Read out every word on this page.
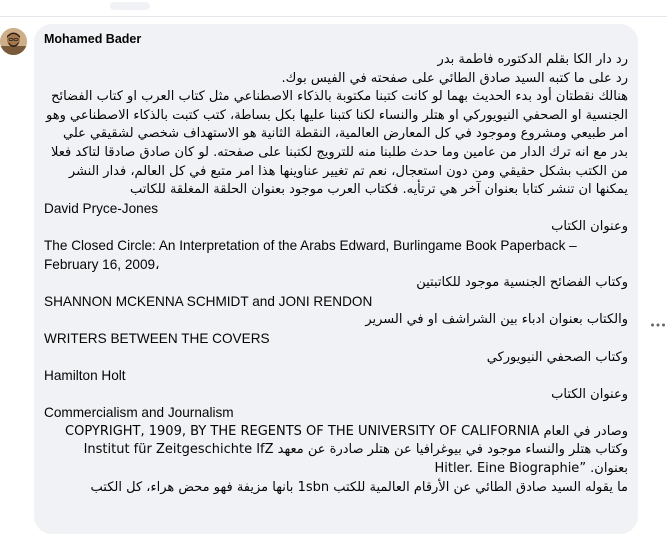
Mohamed Bader
رد دار الكا بقلم الدكتوره فاطمة بدر
رد على ما كتبه السيد صادق الطائي على صفحته في الفيس بوك.
هنالك نقطتان أود بدء الحديث بهما لو كانت كتبنا مكتوبة بالذكاء الاصطناعي مثل كتاب العرب او كتاب الفضائح الجنسية او الصحفي النيويوركي او هتلر والنساء لكنا كتبنا عليها بكل بساطة، كتب كتبت بالذكاء الاصطناعي وهو امر طبيعي ومشروع وموجود في كل المعارض العالمية، النقطة الثانية هو الاستهداف شخصي لشقيقي علي بدر مع انه ترك الدار من عامين وما حدث طلبنا منه للترويج لكتبنا على صفحته. لو كان صادق صادقا لتاكد فعلا من الكتب بشكل حقيقي ومن دون استعجال، نعم تم تغيير عناوينها هذا امر متبع في كل العالم، فدار النشر يمكنها ان تنشر كتابا بعنوان آخر هي ترتأيه. فكتاب العرب موجود بعنوان الحلقة المغلقة للكاتب
David Pryce-Jones
وعنوان الكتاب
The Closed Circle: An Interpretation of the Arabs Edward, Burlingame Book Paperback – February 16, 2009،
وكتاب الفضائح الجنسية موجود للكاتبتين
SHANNON MCKENNA SCHMIDT and JONI RENDON
والكتاب بعنوان ادباء بين الشراشف او في السرير
WRITERS BETWEEN THE COVERS
وكتاب الصحفي النيويوركي
Hamilton Holt
وعنوان الكتاب
Commercialism and Journalism
وصادر في العام COPYRIGHT, 1909, BY THE REGENTS OF THE UNIVERSITY OF CALIFORNIA
وكتاب هتلر والنساء موجود في بيوغرافيا عن هتلر صادرة عن معهد Institut für Zeitgeschichte IfZ بعنوان. ”Hitler. Eine Biographie
ما يقوله السيد صادق الطائي عن الأرقام العالمية للكتب 1sbn بانها مزيفة فهو محض هراء، كل الكتب
